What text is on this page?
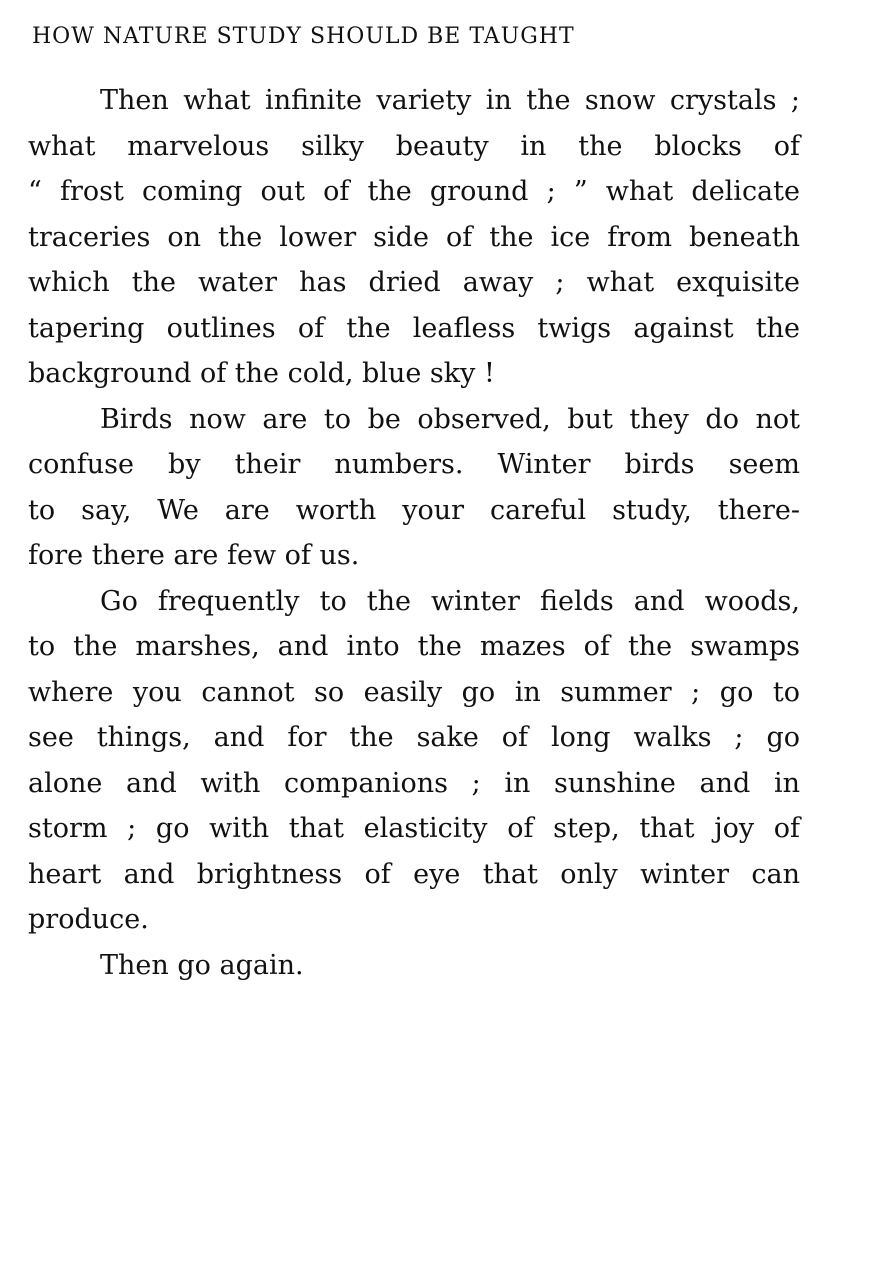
HOW NATURE STUDY SHOULD BE TAUGHT
Then what infinite variety in the snow crystals ;
what marvelous silky beauty in the blocks of
“ frost coming out of the ground ; ” what delicate
traceries on the lower side of the ice from beneath
which the water has dried away ; what exquisite
tapering outlines of the leafless twigs against the
background of the cold, blue sky !
Birds now are to be observed, but they do not
confuse by their numbers. Winter birds seem
to say, We are worth your careful study, there-
fore there are few of us.
Go frequently to the winter fields and woods,
to the marshes, and into the mazes of the swamps
where you cannot so easily go in summer ; go to
see things, and for the sake of long walks ; go
alone and with companions ; in sunshine and in
storm ; go with that elasticity of step, that joy of
heart and brightness of eye that only winter can
produce.
Then go again.
